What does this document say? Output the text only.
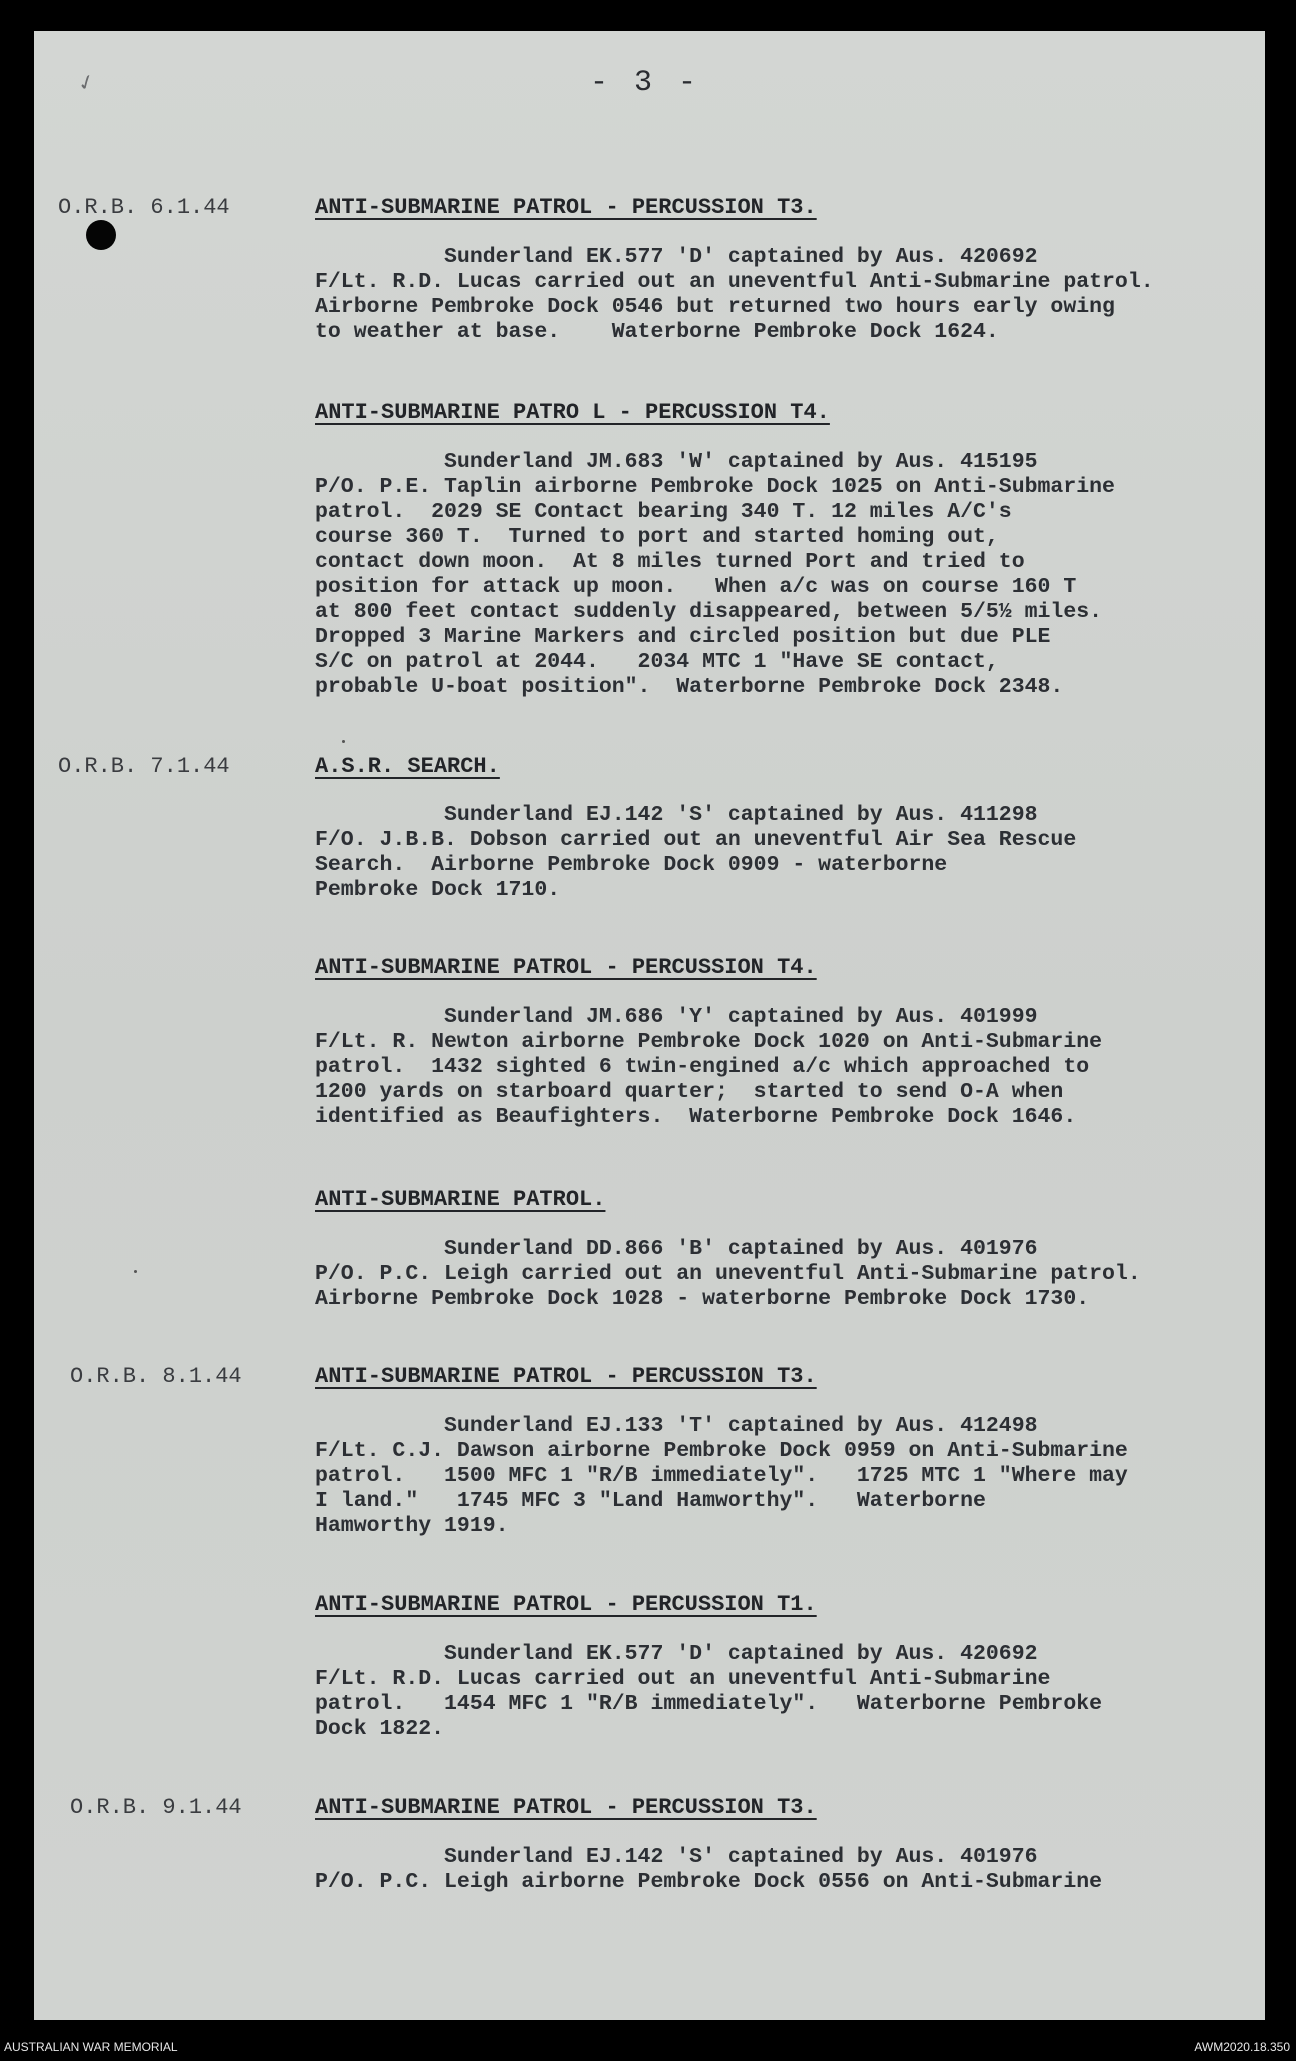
✓	- 3 -
O.R.B. 6.1.44	ANTI-SUBMARINE PATROL - PERCUSSION T3.
Sunderland EK.577 'D' captained by Aus. 420692
F/Lt. R.D. Lucas carried out an uneventful Anti-Submarine patrol.
Airborne Pembroke Dock 0546 but returned two hours early owing
to weather at base.    Waterborne Pembroke Dock 1624.
ANTI-SUBMARINE PATRO L - PERCUSSION T4.
Sunderland JM.683 'W' captained by Aus. 415195
P/O. P.E. Taplin airborne Pembroke Dock 1025 on Anti-Submarine
patrol.  2029 SE Contact bearing 340 T. 12 miles A/C's
course 360 T.  Turned to port and started homing out,
contact down moon.  At 8 miles turned Port and tried to
position for attack up moon.   When a/c was on course 160 T
at 800 feet contact suddenly disappeared, between 5/5½ miles.
Dropped 3 Marine Markers and circled position but due PLE
S/C on patrol at 2044.   2034 MTC 1 "Have SE contact,
probable U-boat position".  Waterborne Pembroke Dock 2348.
O.R.B. 7.1.44	A.S.R. SEARCH.
Sunderland EJ.142 'S' captained by Aus. 411298
F/O. J.B.B. Dobson carried out an uneventful Air Sea Rescue
Search.  Airborne Pembroke Dock 0909 - waterborne
Pembroke Dock 1710.
ANTI-SUBMARINE PATROL - PERCUSSION T4.
Sunderland JM.686 'Y' captained by Aus. 401999
F/Lt. R. Newton airborne Pembroke Dock 1020 on Anti-Submarine
patrol.  1432 sighted 6 twin-engined a/c which approached to
1200 yards on starboard quarter;  started to send O-A when
identified as Beaufighters.  Waterborne Pembroke Dock 1646.
ANTI-SUBMARINE PATROL.
Sunderland DD.866 'B' captained by Aus. 401976
P/O. P.C. Leigh carried out an uneventful Anti-Submarine patrol.
Airborne Pembroke Dock 1028 - waterborne Pembroke Dock 1730.
O.R.B. 8.1.44	ANTI-SUBMARINE PATROL - PERCUSSION T3.
Sunderland EJ.133 'T' captained by Aus. 412498
F/Lt. C.J. Dawson airborne Pembroke Dock 0959 on Anti-Submarine
patrol.   1500 MFC 1 "R/B immediately".   1725 MTC 1 "Where may
I land."   1745 MFC 3 "Land Hamworthy".   Waterborne
Hamworthy 1919.
ANTI-SUBMARINE PATROL - PERCUSSION T1.
Sunderland EK.577 'D' captained by Aus. 420692
F/Lt. R.D. Lucas carried out an uneventful Anti-Submarine
patrol.   1454 MFC 1 "R/B immediately".   Waterborne Pembroke
Dock 1822.
O.R.B. 9.1.44	ANTI-SUBMARINE PATROL - PERCUSSION T3.
Sunderland EJ.142 'S' captained by Aus. 401976
P/O. P.C. Leigh airborne Pembroke Dock 0556 on Anti-Submarine
AUSTRALIAN WAR MEMORIAL	AWM2020.18.350
